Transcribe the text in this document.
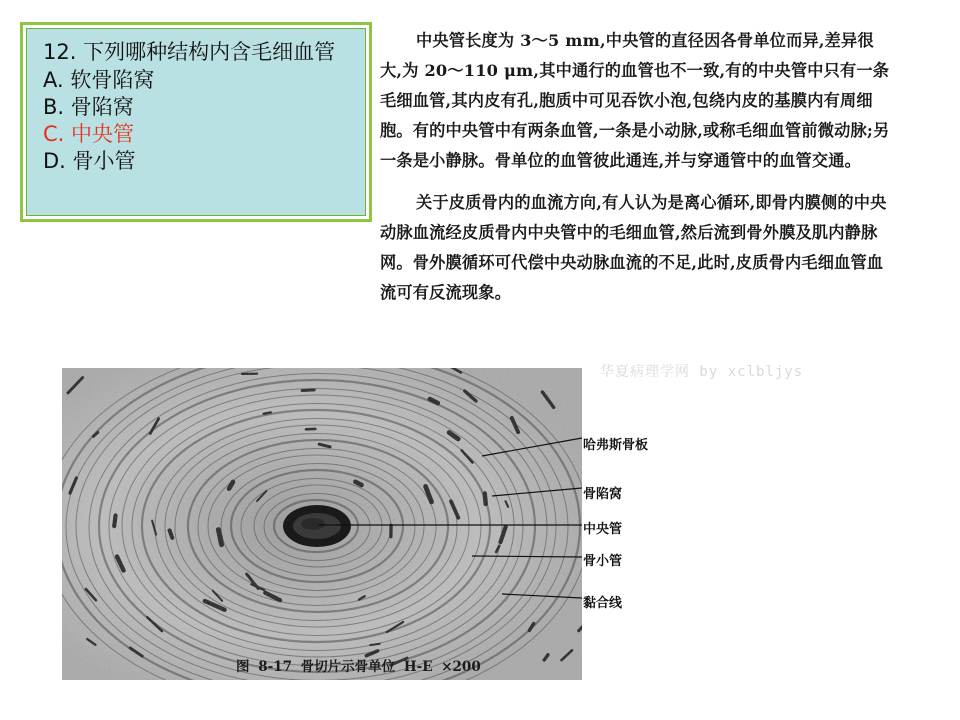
12. 下列哪种结构内含毛细血管

A. 软骨陷窝

B. 骨陷窝

C. 中央管

D. 骨小管

中央管长度为 3～5 mm,中央管的直径因各骨单位而异,差异很大,为 20～110 μm,其中通行的血管也不一致,有的中央管中只有一条毛细血管,其内皮有孔,胞质中可见吞饮小泡,包绕内皮的基膜内有周细胞。有的中央管中有两条血管,一条是小动脉,或称毛细血管前微动脉;另一条是小静脉。骨单位的血管彼此通连,并与穿通管中的血管交通。

关于皮质骨内的血流方向,有人认为是离心循环,即骨内膜侧的中央动脉血流经皮质骨内中央管中的毛细血管,然后流到骨外膜及肌内静脉网。骨外膜循环可代偿中央动脉血流的不足,此时,皮质骨内毛细血管血流可有反流现象。

华夏病理学网 by xclbljys
哈弗斯骨板
骨陷窝
中央管
骨小管
黏合线
图 8-17 骨切片示骨单位 H-E ×200
